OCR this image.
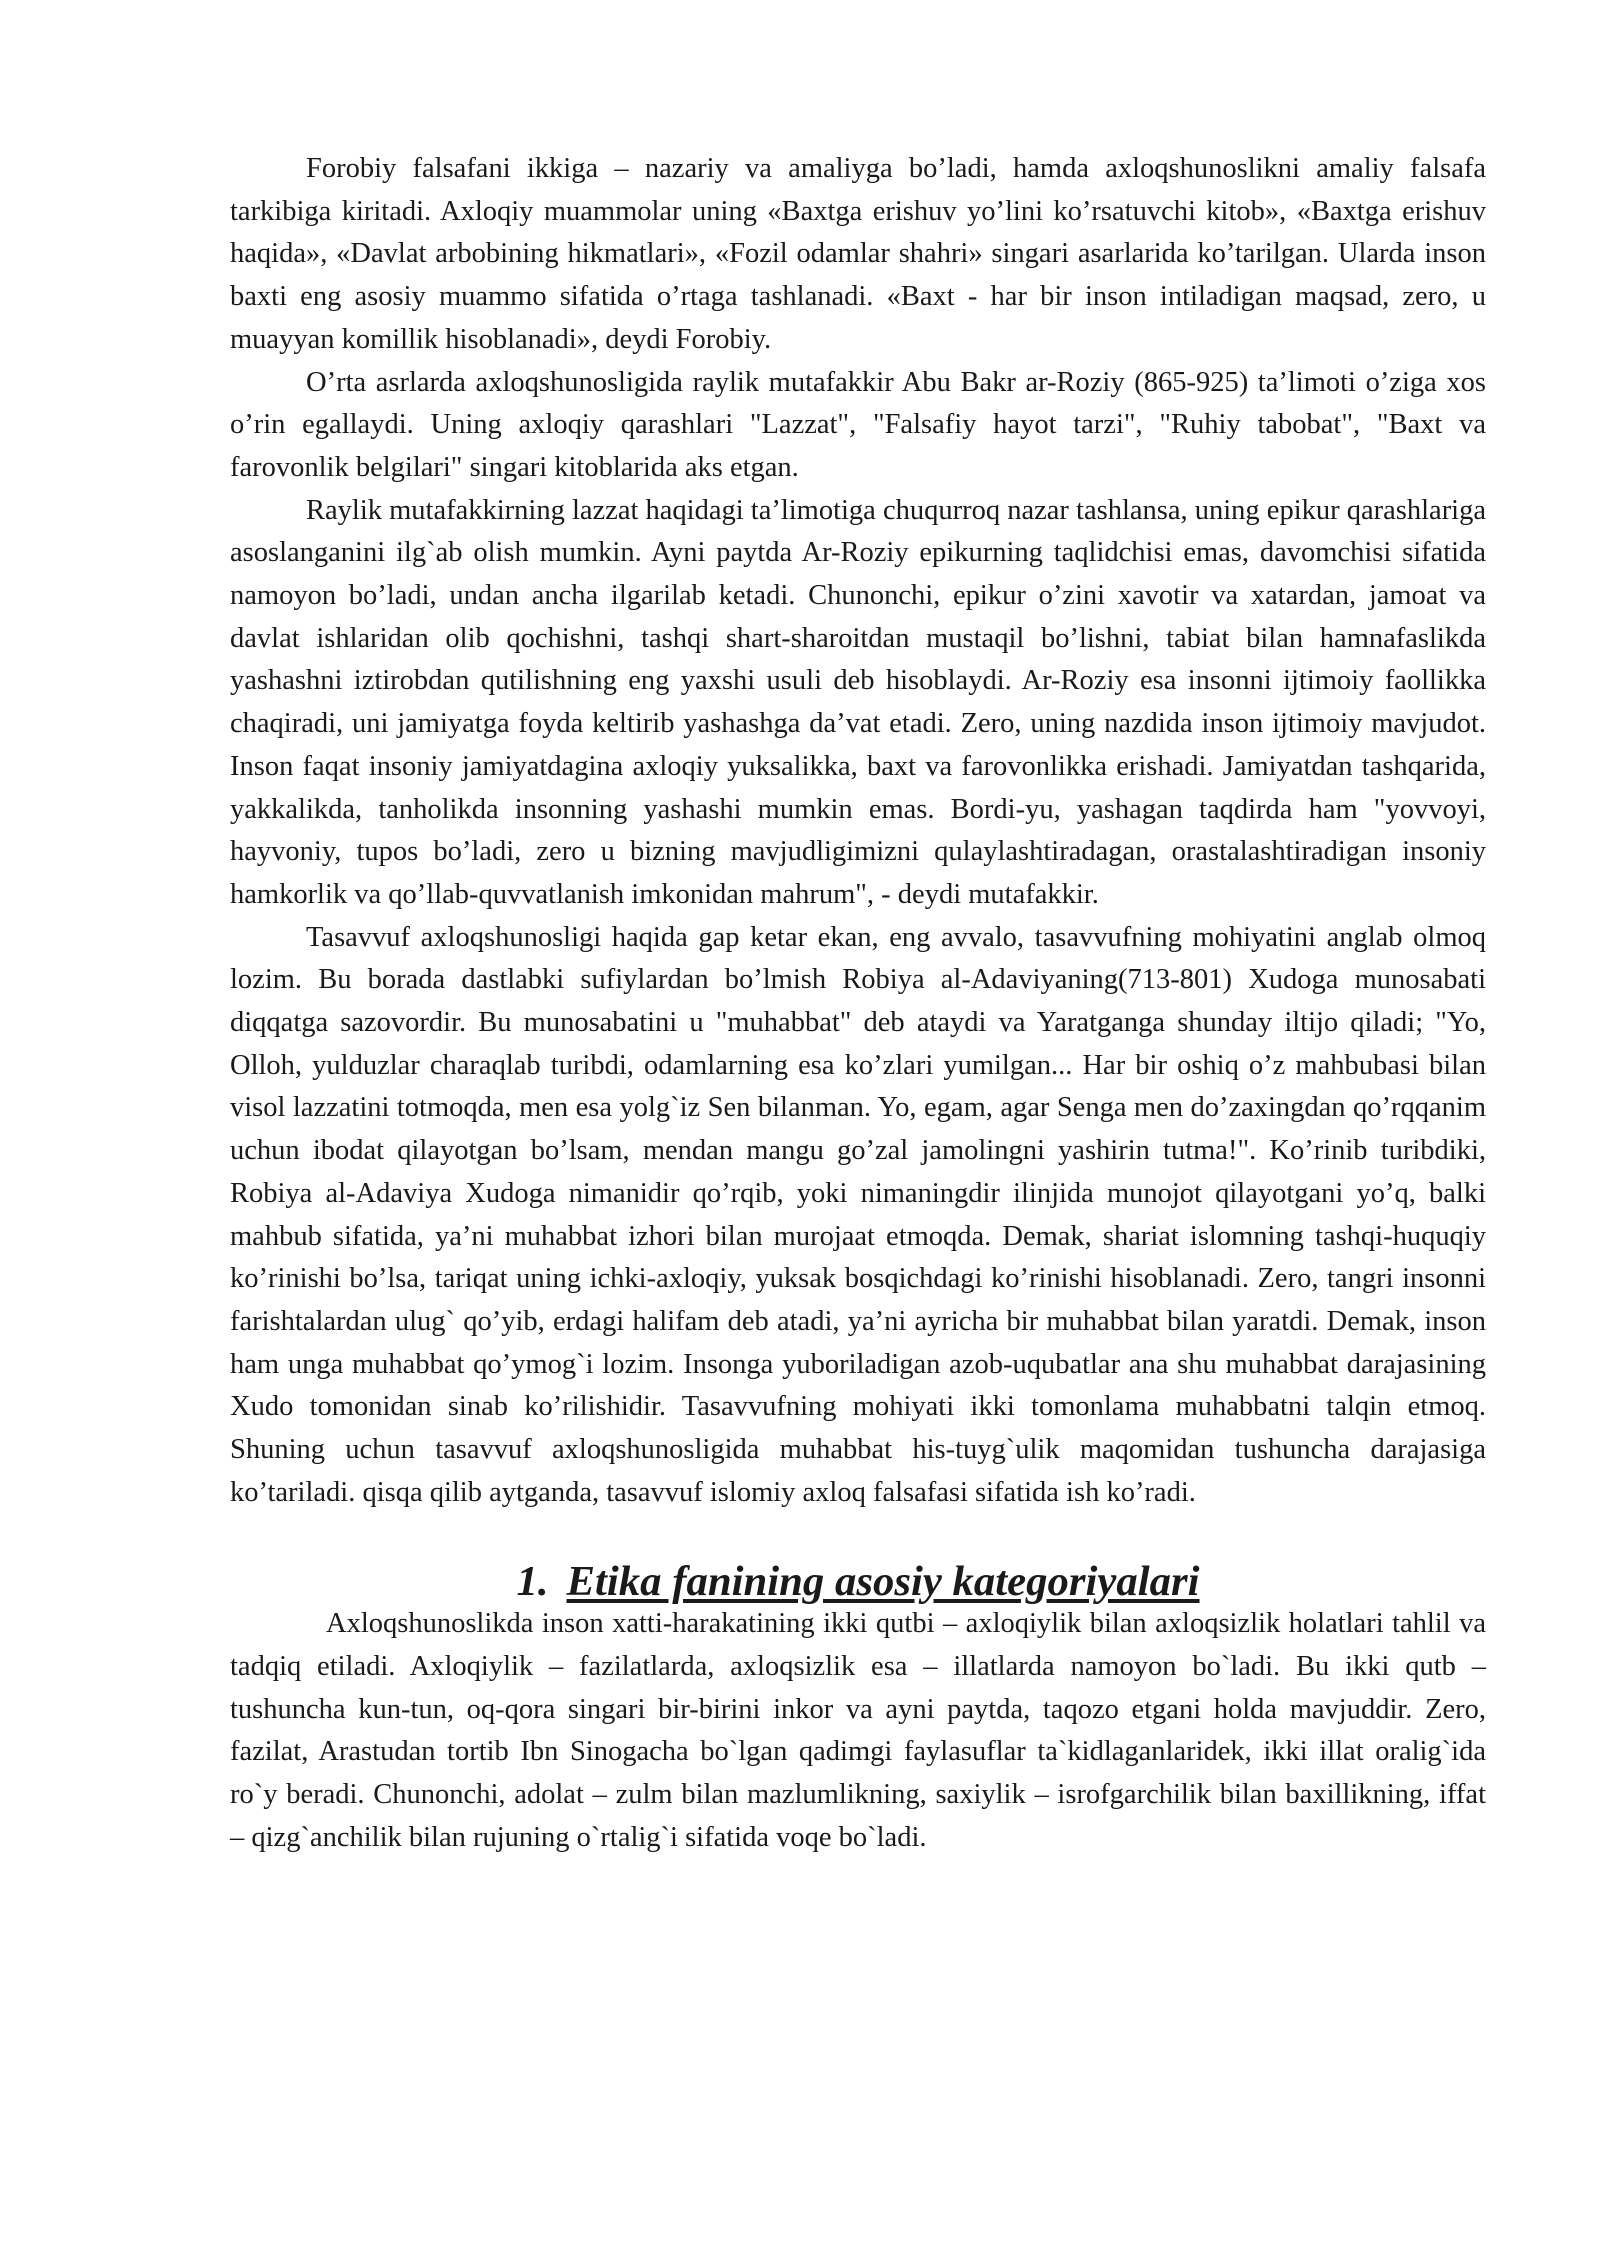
Forobiy falsafani ikkiga – nazariy va amaliyga bo’ladi, hamda axloqshunoslikni amaliy falsafa tarkibiga kiritadi. Axloqiy muammolar uning «Baxtga erishuv yo’lini ko’rsatuvchi kitob», «Baxtga erishuv haqida», «Davlat arbobining hikmatlari», «Fozil odamlar shahri» singari asarlarida ko’tarilgan. Ularda inson baxti eng asosiy muammo sifatida o’rtaga tashlanadi. «Baxt - har bir inson intiladigan maqsad, zero, u muayyan komillik hisoblanadi», deydi Forobiy.

O’rta asrlarda axloqshunosligida raylik mutafakkir Abu Bakr ar-Roziy (865-925) ta’limoti o’ziga xos o’rin egallaydi. Uning axloqiy qarashlari "Lazzat", "Falsafiy hayot tarzi", "Ruhiy tabobat", "Baxt va farovonlik belgilari" singari kitoblarida aks etgan.

Raylik mutafakkirning lazzat haqidagi ta’limotiga chuqurroq nazar tashlansa, uning epikur qarashlariga asoslanganini ilg`ab olish mumkin. Ayni paytda Ar-Roziy epikurning taqlidchisi emas, davomchisi sifatida namoyon bo’ladi, undan ancha ilgarilab ketadi. Chunonchi, epikur o’zini xavotir va xatardan, jamoat va davlat ishlaridan olib qochishni, tashqi shart-sharoitdan mustaqil bo’lishni, tabiat bilan hamnafaslikda yashashni iztirobdan qutilishning eng yaxshi usuli deb hisoblaydi. Ar-Roziy esa insonni ijtimoiy faollikka chaqiradi, uni jamiyatga foyda keltirib yashashga da’vat etadi. Zero, uning nazdida inson ijtimoiy mavjudot. Inson faqat insoniy jamiyatdagina axloqiy yuksalikka, baxt va farovonlikka erishadi. Jamiyatdan tashqarida, yakkalikda, tanholikda insonning yashashi mumkin emas. Bordi-yu, yashagan taqdirda ham "yovvoyi, hayvoniy, tupos bo’ladi, zero u bizning mavjudligimizni qulaylashtiradagan, orastalashtiradigan insoniy hamkorlik va qo’llab-quvvatlanish imkonidan mahrum", - deydi mutafakkir.

Tasavvuf axloqshunosligi haqida gap ketar ekan, eng avvalo, tasavvufning mohiyatini anglab olmoq lozim. Bu borada dastlabki sufiylardan bo’lmish Robiya al-Adaviyaning(713-801) Xudoga munosabati diqqatga sazovordir. Bu munosabatini u "muhabbat" deb ataydi va Yaratganga shunday iltijo qiladi; "Yo, Olloh, yulduzlar charaqlab turibdi, odamlarning esa ko’zlari yumilgan... Har bir oshiq o’z mahbubasi bilan visol lazzatini totmoqda, men esa yolg`iz Sen bilanman. Yo, egam, agar Senga men do’zaxingdan qo’rqqanim uchun ibodat qilayotgan bo’lsam, mendan mangu go’zal jamolingni yashirin tutma!". Ko’rinib turibdiki, Robiya al-Adaviya Xudoga nimanidir qo’rqib, yoki nimaningdir ilinjida munojot qilayotgani yo’q, balki mahbub sifatida, ya’ni muhabbat izhori bilan murojaat etmoqda. Demak, shariat islomning tashqi-huquqiy ko’rinishi bo’lsa, tariqat uning ichki-axloqiy, yuksak bosqichdagi ko’rinishi hisoblanadi. Zero, tangri insonni farishtalardan ulug` qo’yib, erdagi halifam deb atadi, ya’ni ayricha bir muhabbat bilan yaratdi. Demak, inson ham unga muhabbat qo’ymog`i lozim. Insonga yuboriladigan azob-uqubatlar ana shu muhabbat darajasining Xudo tomonidan sinab ko’rilishidir. Tasavvufning mohiyati ikki tomonlama muhabbatni talqin etmoq. Shuning uchun tasavvuf axloqshunosligida muhabbat his-tuyg`ulik maqomidan tushuncha darajasiga ko’tariladi. qisqa qilib aytganda, tasavvuf islomiy axloq falsafasi sifatida ish ko’radi.

1. Etika fanining asosiy kategoriyalari

Axloqshunoslikda inson xatti-harakatining ikki qutbi – axloqiylik bilan axloqsizlik holatlari tahlil va tadqiq etiladi. Axloqiylik – fazilatlarda, axloqsizlik esa – illatlarda namoyon bo`ladi. Bu ikki qutb – tushuncha kun-tun, oq-qora singari bir-birini inkor va ayni paytda, taqozo etgani holda mavjuddir. Zero, fazilat, Arastudan tortib Ibn Sinogacha bo`lgan qadimgi faylasuflar ta`kidlaganlaridek, ikki illat oralig`ida ro`y beradi. Chunonchi, adolat – zulm bilan mazlumlikning, saxiylik – isrofgarchilik bilan baxillikning, iffat – qizg`anchilik bilan rujuning o`rtalig`i sifatida voqe bo`ladi.
